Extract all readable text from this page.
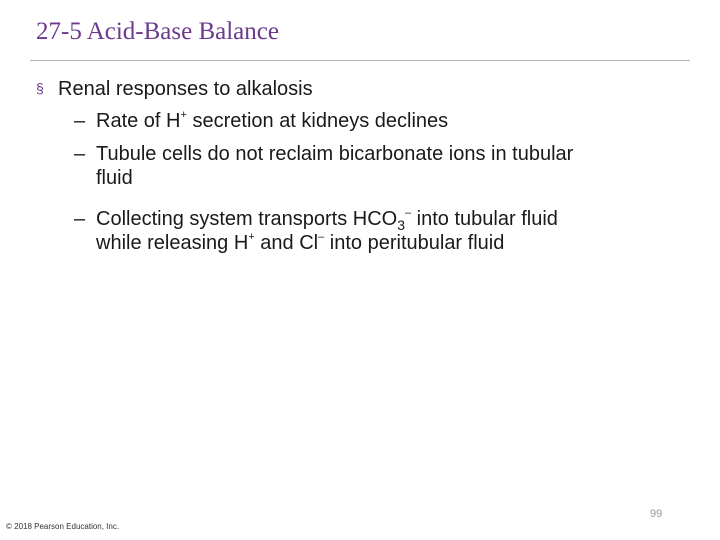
27-5 Acid-Base Balance
§ Renal responses to alkalosis
– Rate of H+ secretion at kidneys declines
– Tubule cells do not reclaim bicarbonate ions in tubular
fluid
– Collecting system transports $HCO_3^-$ into tubular fluid
while releasing H+ and Cl– into peritubular fluid
99
© 2018 Pearson Education, Inc.
